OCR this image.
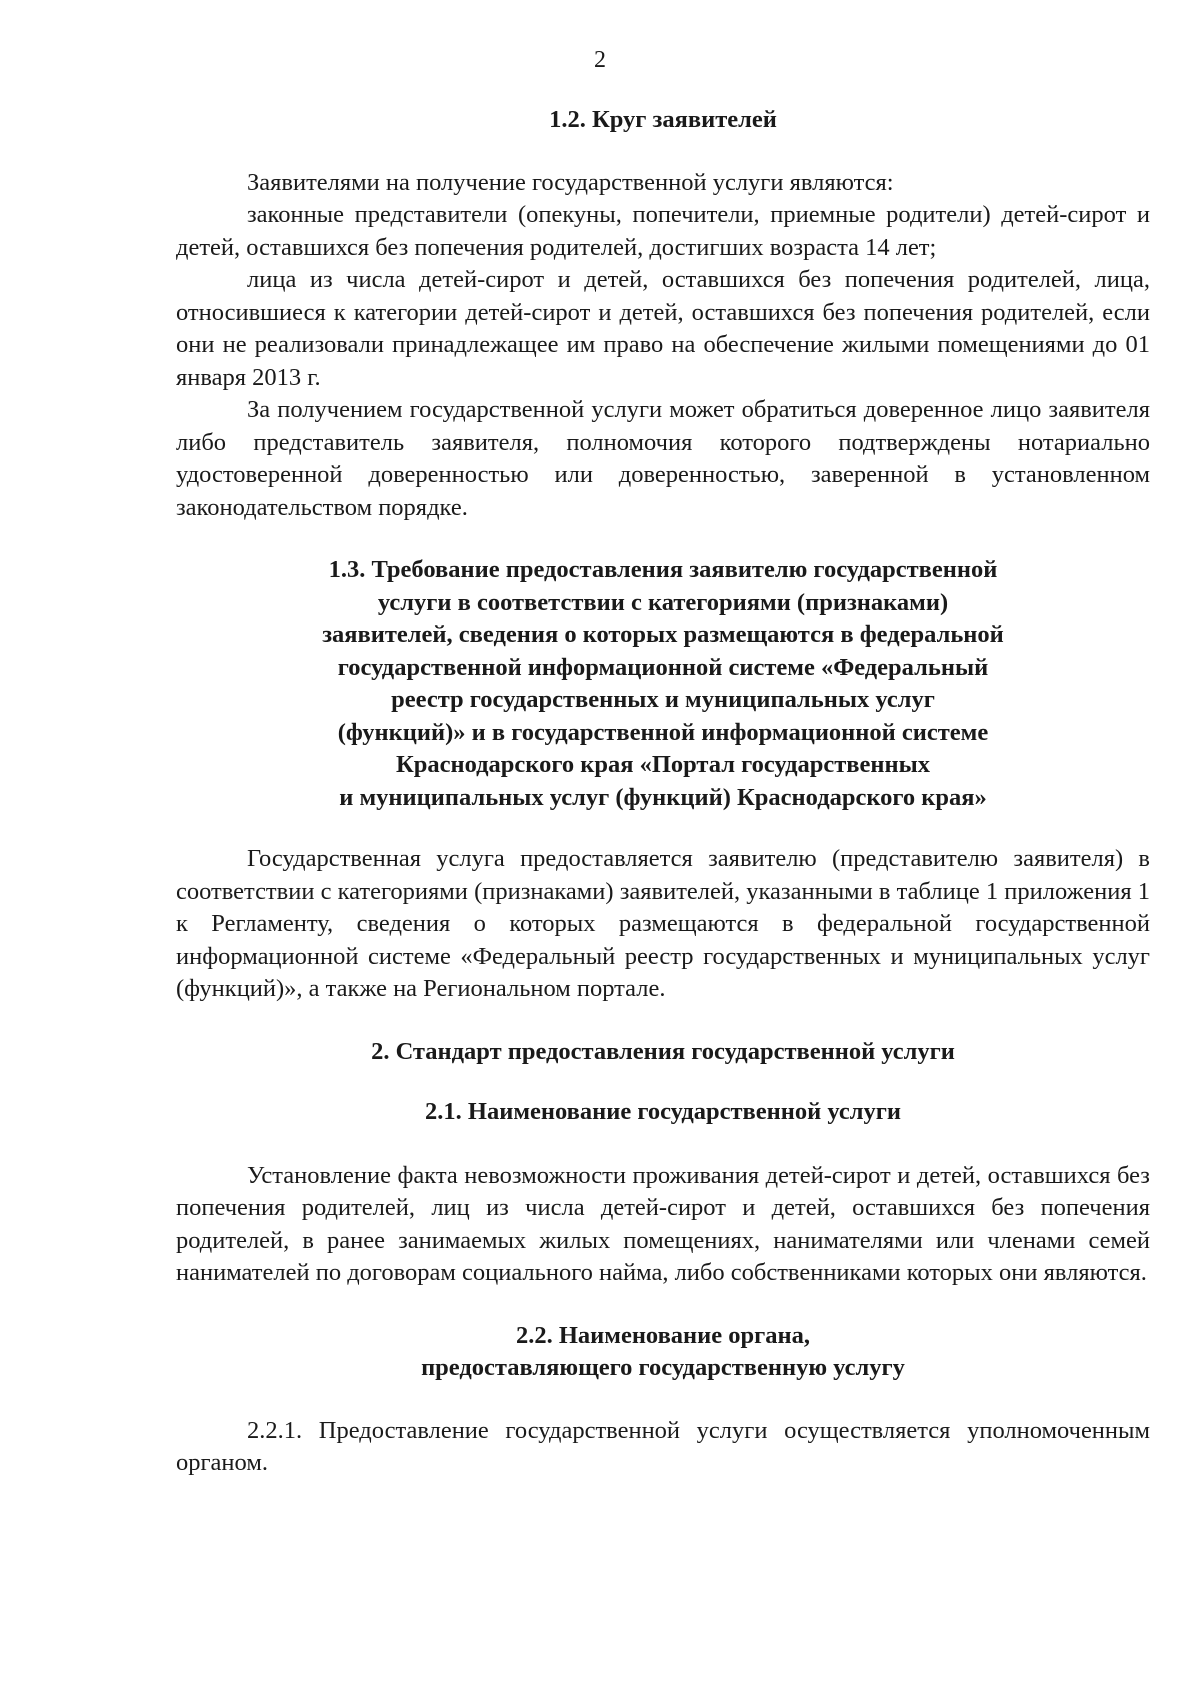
2
1.2. Круг заявителей

Заявителями на получение государственной услуги являются:

законные представители (опекуны, попечители, приемные родители) детей-сирот и детей, оставшихся без попечения родителей, достигших возраста 14 лет;

лица из числа детей-сирот и детей, оставшихся без попечения родителей, лица, относившиеся к категории детей-сирот и детей, оставшихся без попечения родителей, если они не реализовали принадлежащее им право на обеспечение жилыми помещениями до 01 января 2013 г.

За получением государственной услуги может обратиться доверенное лицо заявителя либо представитель заявителя, полномочия которого подтверждены нотариально удостоверенной доверенностью или доверенностью, заверенной в установленном законодательством порядке.

1.3. Требование предоставления заявителю государственной
услуги в соответствии с категориями (признаками)
заявителей, сведения о которых размещаются в федеральной
государственной информационной системе «Федеральный
реестр государственных и муниципальных услуг
(функций)» и в государственной информационной системе
Краснодарского края «Портал государственных
и муниципальных услуг (функций) Краснодарского края»

Государственная услуга предоставляется заявителю (представителю заявителя) в соответствии с категориями (признаками) заявителей, указанными в таблице 1 приложения 1 к Регламенту, сведения о которых размещаются в федеральной государственной информационной системе «Федеральный реестр государственных и муниципальных услуг (функций)», а также на Региональном портале.

2. Стандарт предоставления государственной услуги
2.1. Наименование государственной услуги

Установление факта невозможности проживания детей-сирот и детей, оставшихся без попечения родителей, лиц из числа детей-сирот и детей, оставшихся без попечения родителей, в ранее занимаемых жилых помещениях, нанимателями или членами семей нанимателей по договорам социального найма, либо собственниками которых они являются.

2.2. Наименование органа,
предоставляющего государственную услугу

2.2.1. Предоставление государственной услуги осуществляется уполномоченным органом.
